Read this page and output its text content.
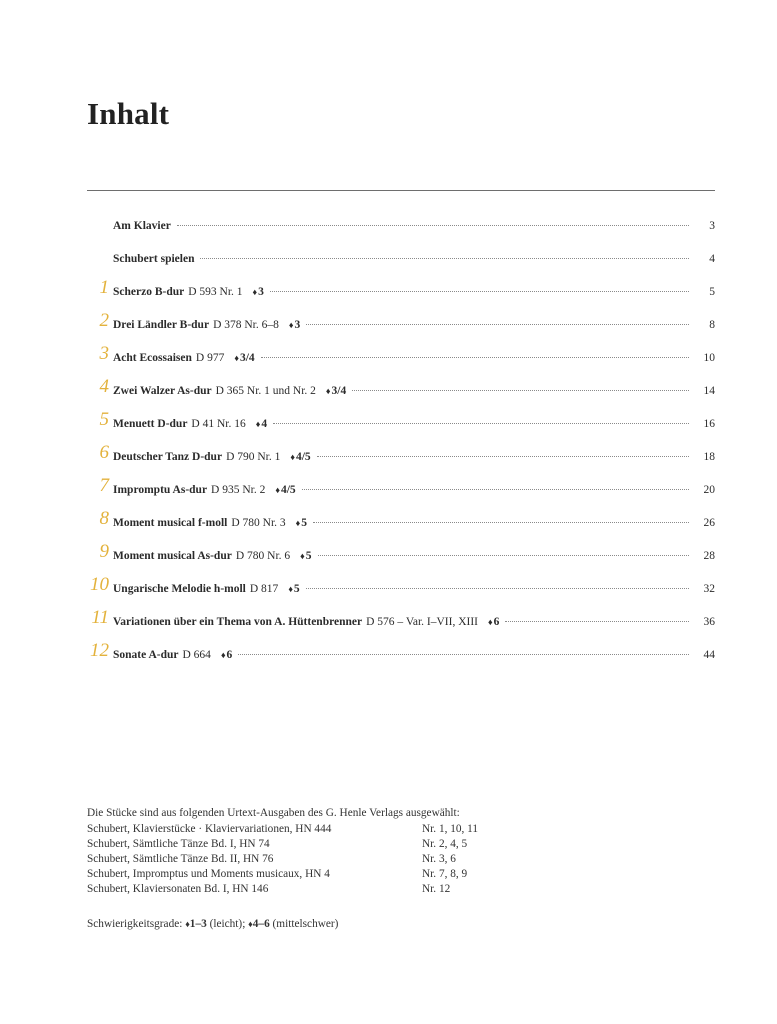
Inhalt
Am Klavier	3
Schubert spielen	4
1 Scherzo B-dur D 593 Nr. 1 ♦3	5
2 Drei Ländler B-dur D 378 Nr. 6–8 ♦3	8
3 Acht Ecossaisen D 977 ♦3/4	10
4 Zwei Walzer As-dur D 365 Nr. 1 und Nr. 2 ♦3/4	14
5 Menuett D-dur D 41 Nr. 16 ♦4	16
6 Deutscher Tanz D-dur D 790 Nr. 1 ♦4/5	18
7 Impromptu As-dur D 935 Nr. 2 ♦4/5	20
8 Moment musical f-moll D 780 Nr. 3 ♦5	26
9 Moment musical As-dur D 780 Nr. 6 ♦5	28
10 Ungarische Melodie h-moll D 817 ♦5	32
11 Variationen über ein Thema von A. Hüttenbrenner D 576 – Var. I–VII, XIII ♦6	36
12 Sonate A-dur D 664 ♦6	44
Die Stücke sind aus folgenden Urtext-Ausgaben des G. Henle Verlags ausgewählt:
Schubert, Klavierstücke · Klaviervariationen, HN 444	Nr. 1, 10, 11
Schubert, Sämtliche Tänze Bd. I, HN 74	Nr. 2, 4, 5
Schubert, Sämtliche Tänze Bd. II, HN 76	Nr. 3, 6
Schubert, Impromptus und Moments musicaux, HN 4	Nr. 7, 8, 9
Schubert, Klaviersonaten Bd. I, HN 146	Nr. 12
Schwierigkeitsgrade: ♦1–3 (leicht); ♦4–6 (mittelschwer)
